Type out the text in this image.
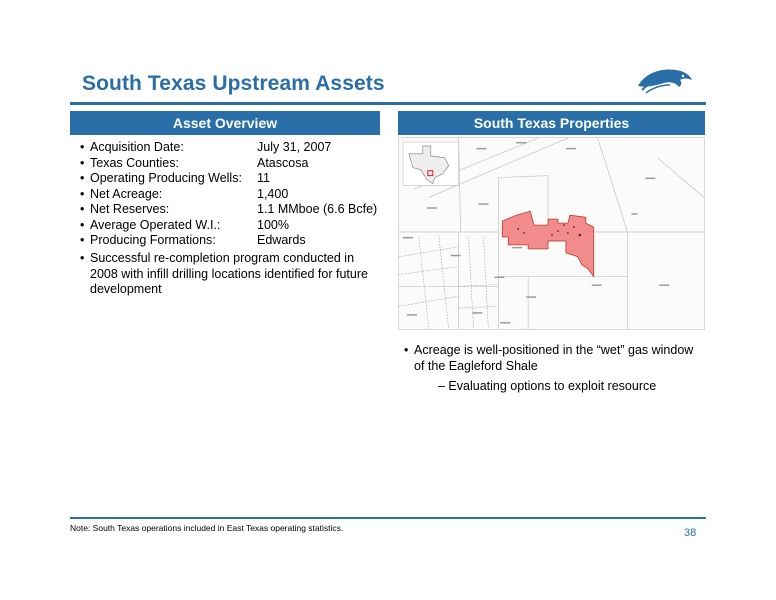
South Texas Upstream Assets
Asset Overview	South Texas Properties
• Acquisition Date:	July 31, 2007
• Texas Counties:	Atascosa
• Operating Producing Wells:	11
• Net Acreage:	1,400
• Net Reserves:	1.1 MMboe (6.6 Bcfe)
• Average Operated W.I.:	100%
• Producing Formations:	Edwards
• Successful re-completion program conducted in 2008 with infill drilling locations identified for future development
• Acreage is well-positioned in the “wet” gas window of the Eagleford Shale
– Evaluating options to exploit resource
Note: South Texas operations included in East Texas operating statistics.	38
